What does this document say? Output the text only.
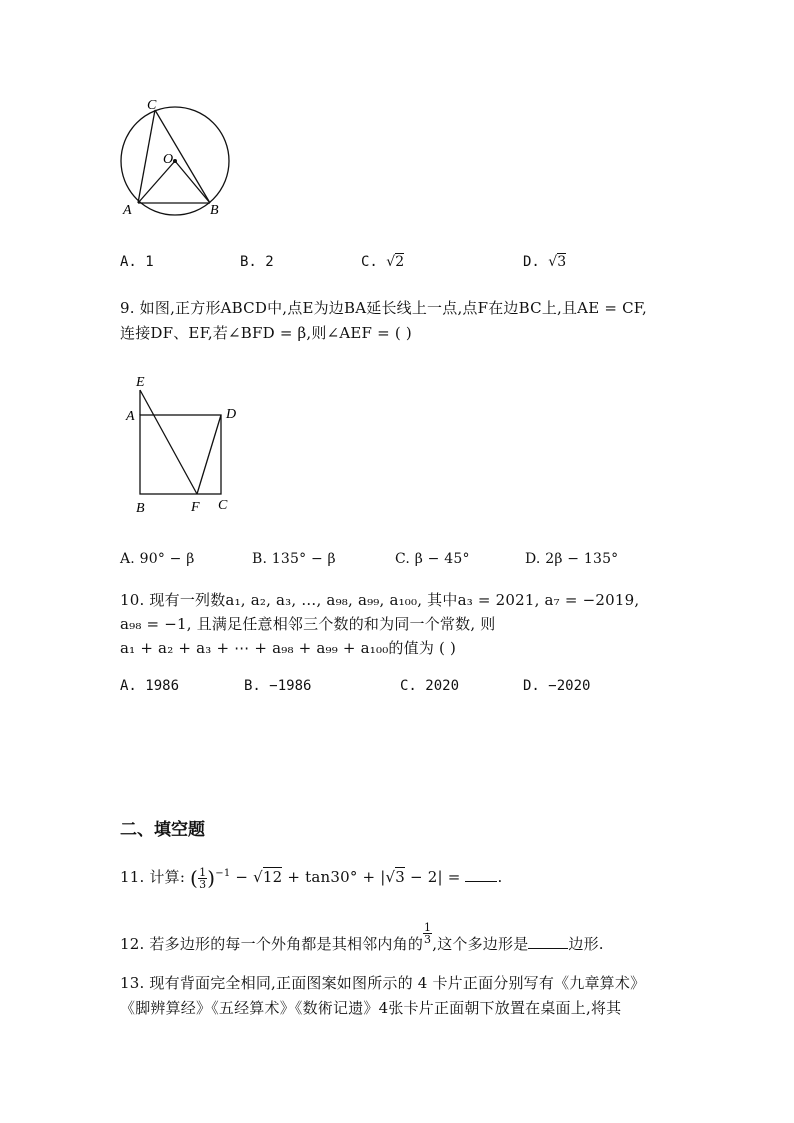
C
O
A	B
A. 1	B. 2	C. √2	D. √3
9. 如图,正方形ABCD中,点E为边BA延长线上一点,点F在边BC上,且AE = CF,
连接DF、EF,若∠BFD = β,则∠AEF = ( )
E
A	D
B	F C
A. 90° − β	B. 135° − β	C. β − 45°	D. 2β − 135°
10. 现有一列数a₁, a₂, a₃, …, a₉₈, a₉₉, a₁₀₀, 其中a₃ = 2021, a₇ = −2019,
a₉₈ = −1, 且满足任意相邻三个数的和为同一个常数, 则
a₁ + a₂ + a₃ + ⋯ + a₉₈ + a₉₉ + a₁₀₀的值为 ( )
A. 1986	B. −1986	C. 2020	D. −2020
二、填空题
11. 计算: ( $\frac{1}{3} )^{-1} - √12 + \tan 30^\circ + |√3 - 2|$ = .
12. 若多边形的每一个外角都是其相邻内角的 $\frac{1}{3}$ ,这个多边形是	边形.
13. 现有背面完全相同,正面图案如图所示的 4 卡片正面分别写有《九章算术》
《脚辨算经》《五经算术》《数術记遗》4张卡片正面朝下放置在桌面上,将其
